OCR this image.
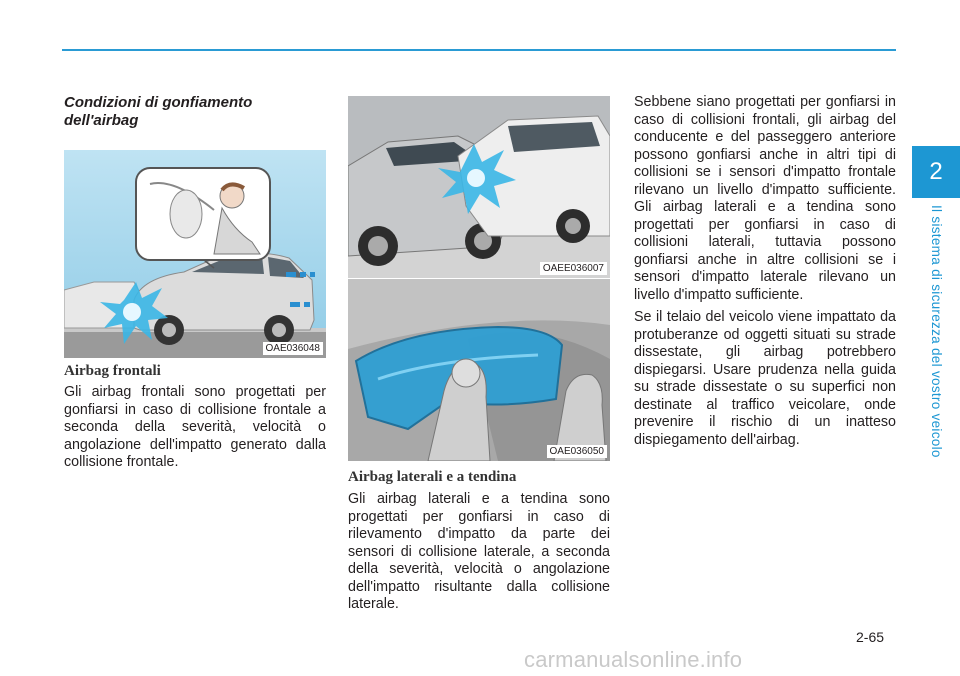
2
Il sistema di sicurezza del vostro veicolo

Condizioni di gonfiamento dell'airbag

OAE036048

Airbag frontali

Gli airbag frontali sono progettati per gonfiarsi in caso di collisione frontale a seconda della severità, velocità o angolazione dell'impatto generato dalla collisione frontale.

OAEE036007
OAE036050

Airbag laterali e a tendina

Gli airbag laterali e a tendina sono progettati per gonfiarsi in caso di rilevamento d'impatto da parte dei sensori di collisione laterale, a seconda della severità, velocità o angolazione dell'impatto risultante dalla collisione laterale.

Sebbene siano progettati per gonfiarsi in caso di collisioni frontali, gli airbag del conducente e del passeggero anteriore possono gonfiarsi anche in altri tipi di collisioni se i sensori d'impatto frontale rilevano un livello d'impatto sufficiente. Gli airbag laterali e a tendina sono progettati per gonfiarsi in caso di collisioni laterali, tuttavia possono gonfiarsi anche in altre collisioni se i sensori d'impatto laterale rilevano un livello d'impatto sufficiente.

Se il telaio del veicolo viene impattato da protuberanze od oggetti situati su strade dissestate, gli airbag potrebbero dispiegarsi. Usare prudenza nella guida su strade dissestate o su superfici non destinate al traffico veicolare, onde prevenire il rischio di un inatteso dispiegamento dell'airbag.

2-65
carmanualsonline.info
